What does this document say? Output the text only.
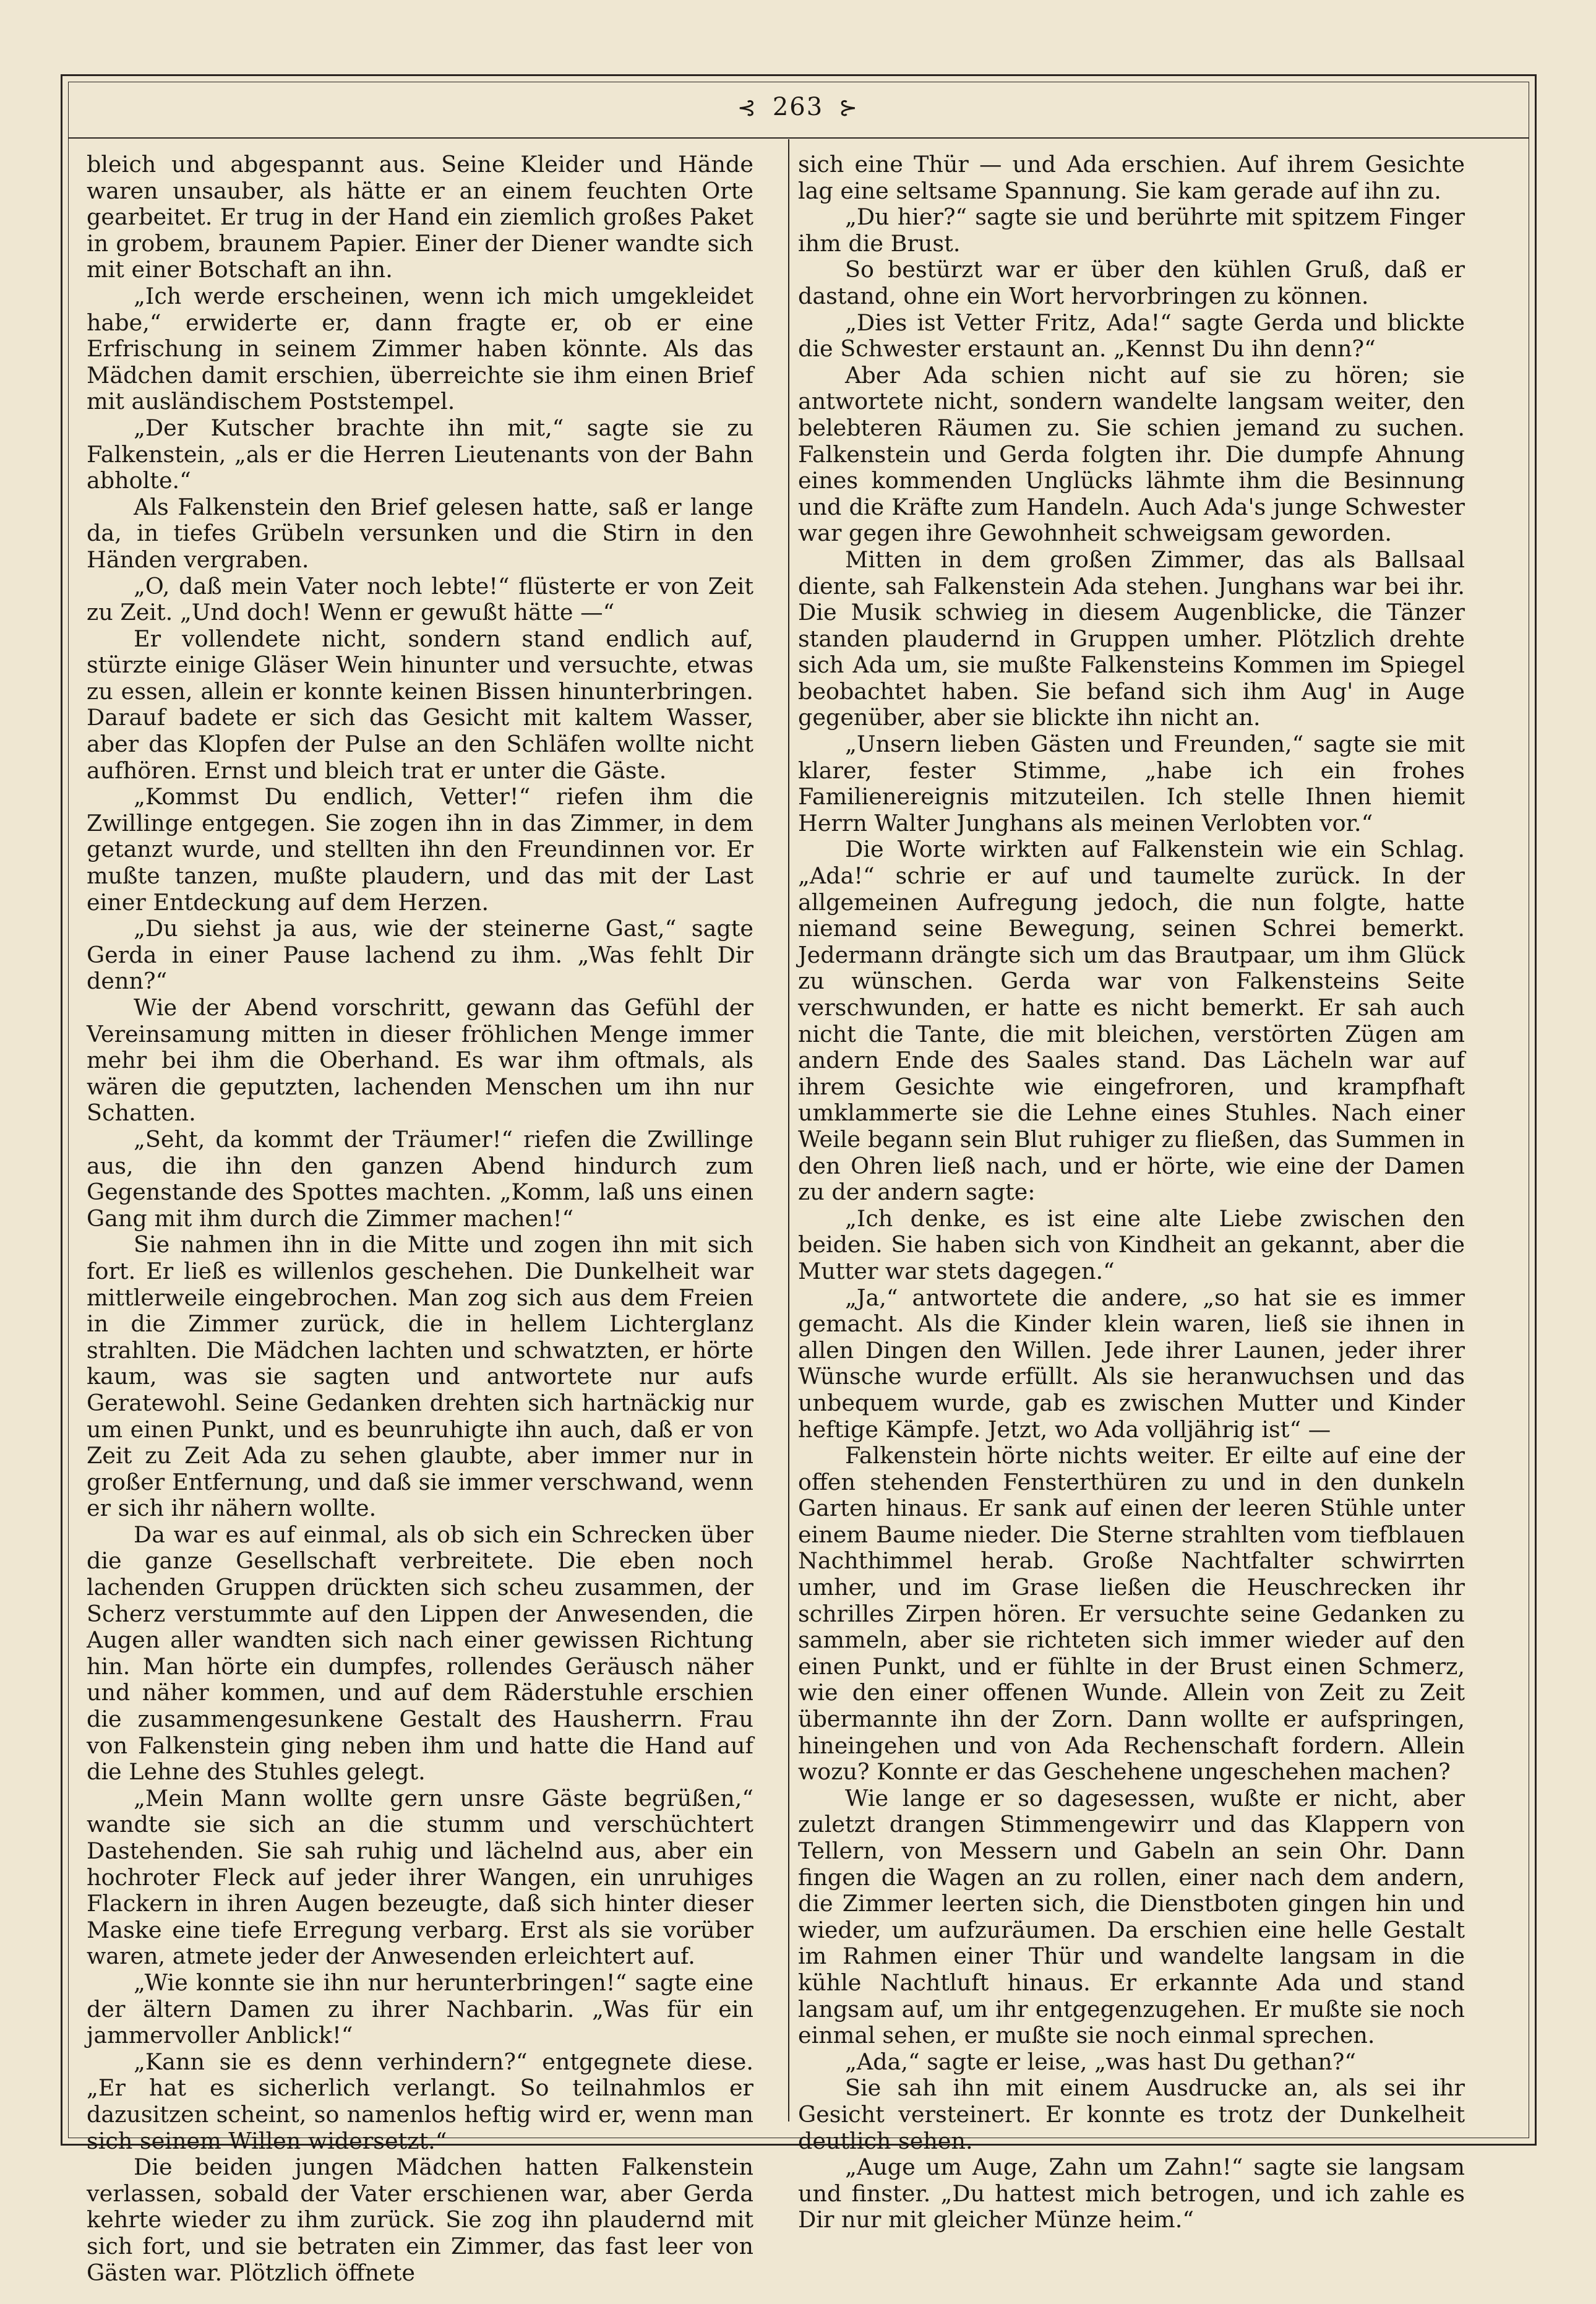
⊰ 263 ⊱

bleich und abgespannt aus. Seine Kleider und Hände waren unsauber, als hätte er an einem feuchten Orte gearbeitet. Er trug in der Hand ein ziemlich großes Paket in grobem, braunem Papier. Einer der Diener wandte sich mit einer Botschaft an ihn.

„Ich werde erscheinen, wenn ich mich umgekleidet habe,“ erwiderte er, dann fragte er, ob er eine Erfrischung in seinem Zimmer haben könnte. Als das Mädchen damit erschien, überreichte sie ihm einen Brief mit ausländischem Poststempel.

„Der Kutscher brachte ihn mit,“ sagte sie zu Falkenstein, „als er die Herren Lieutenants von der Bahn abholte.“

Als Falkenstein den Brief gelesen hatte, saß er lange da, in tiefes Grübeln versunken und die Stirn in den Händen vergraben.

„O, daß mein Vater noch lebte!“ flüsterte er von Zeit zu Zeit. „Und doch! Wenn er gewußt hätte —“

Er vollendete nicht, sondern stand endlich auf, stürzte einige Gläser Wein hinunter und versuchte, etwas zu essen, allein er konnte keinen Bissen hinunterbringen. Darauf badete er sich das Gesicht mit kaltem Wasser, aber das Klopfen der Pulse an den Schläfen wollte nicht aufhören. Ernst und bleich trat er unter die Gäste.

„Kommst Du endlich, Vetter!“ riefen ihm die Zwillinge entgegen. Sie zogen ihn in das Zimmer, in dem getanzt wurde, und stellten ihn den Freundinnen vor. Er mußte tanzen, mußte plaudern, und das mit der Last einer Entdeckung auf dem Herzen.

„Du siehst ja aus, wie der steinerne Gast,“ sagte Gerda in einer Pause lachend zu ihm. „Was fehlt Dir denn?“

Wie der Abend vorschritt, gewann das Gefühl der Vereinsamung mitten in dieser fröhlichen Menge immer mehr bei ihm die Oberhand. Es war ihm oftmals, als wären die geputzten, lachenden Menschen um ihn nur Schatten.

„Seht, da kommt der Träumer!“ riefen die Zwillinge aus, die ihn den ganzen Abend hindurch zum Gegenstande des Spottes machten. „Komm, laß uns einen Gang mit ihm durch die Zimmer machen!“

Sie nahmen ihn in die Mitte und zogen ihn mit sich fort. Er ließ es willenlos geschehen. Die Dunkelheit war mittlerweile eingebrochen. Man zog sich aus dem Freien in die Zimmer zurück, die in hellem Lichterglanz strahlten. Die Mädchen lachten und schwatzten, er hörte kaum, was sie sagten und antwortete nur aufs Geratewohl. Seine Gedanken drehten sich hartnäckig nur um einen Punkt, und es beunruhigte ihn auch, daß er von Zeit zu Zeit Ada zu sehen glaubte, aber immer nur in großer Entfernung, und daß sie immer verschwand, wenn er sich ihr nähern wollte.

Da war es auf einmal, als ob sich ein Schrecken über die ganze Gesellschaft verbreitete. Die eben noch lachenden Gruppen drückten sich scheu zusammen, der Scherz verstummte auf den Lippen der Anwesenden, die Augen aller wandten sich nach einer gewissen Richtung hin. Man hörte ein dumpfes, rollendes Geräusch näher und näher kommen, und auf dem Räderstuhle erschien die zusammengesunkene Gestalt des Hausherrn. Frau von Falkenstein ging neben ihm und hatte die Hand auf die Lehne des Stuhles gelegt.

„Mein Mann wollte gern unsre Gäste begrüßen,“ wandte sie sich an die stumm und verschüchtert Dastehenden. Sie sah ruhig und lächelnd aus, aber ein hochroter Fleck auf jeder ihrer Wangen, ein unruhiges Flackern in ihren Augen bezeugte, daß sich hinter dieser Maske eine tiefe Erregung verbarg. Erst als sie vorüber waren, atmete jeder der Anwesenden erleichtert auf.

„Wie konnte sie ihn nur herunterbringen!“ sagte eine der ältern Damen zu ihrer Nachbarin. „Was für ein jammervoller Anblick!“

„Kann sie es denn verhindern?“ entgegnete diese. „Er hat es sicherlich verlangt. So teilnahmlos er dazusitzen scheint, so namenlos heftig wird er, wenn man sich seinem Willen widersetzt.“

Die beiden jungen Mädchen hatten Falkenstein verlassen, sobald der Vater erschienen war, aber Gerda kehrte wieder zu ihm zurück. Sie zog ihn plaudernd mit sich fort, und sie betraten ein Zimmer, das fast leer von Gästen war. Plötzlich öffnete

sich eine Thür — und Ada erschien. Auf ihrem Gesichte lag eine seltsame Spannung. Sie kam gerade auf ihn zu.

„Du hier?“ sagte sie und berührte mit spitzem Finger ihm die Brust.

So bestürzt war er über den kühlen Gruß, daß er dastand, ohne ein Wort hervorbringen zu können.

„Dies ist Vetter Fritz, Ada!“ sagte Gerda und blickte die Schwester erstaunt an. „Kennst Du ihn denn?“

Aber Ada schien nicht auf sie zu hören; sie antwortete nicht, sondern wandelte langsam weiter, den belebteren Räumen zu. Sie schien jemand zu suchen. Falkenstein und Gerda folgten ihr. Die dumpfe Ahnung eines kommenden Unglücks lähmte ihm die Besinnung und die Kräfte zum Handeln. Auch Ada's junge Schwester war gegen ihre Gewohnheit schweigsam geworden.

Mitten in dem großen Zimmer, das als Ballsaal diente, sah Falkenstein Ada stehen. Junghans war bei ihr. Die Musik schwieg in diesem Augenblicke, die Tänzer standen plaudernd in Gruppen umher. Plötzlich drehte sich Ada um, sie mußte Falkensteins Kommen im Spiegel beobachtet haben. Sie befand sich ihm Aug' in Auge gegenüber, aber sie blickte ihn nicht an.

„Unsern lieben Gästen und Freunden,“ sagte sie mit klarer, fester Stimme, „habe ich ein frohes Familienereignis mitzuteilen. Ich stelle Ihnen hiemit Herrn Walter Junghans als meinen Verlobten vor.“

Die Worte wirkten auf Falkenstein wie ein Schlag. „Ada!“ schrie er auf und taumelte zurück. In der allgemeinen Aufregung jedoch, die nun folgte, hatte niemand seine Bewegung, seinen Schrei bemerkt. Jedermann drängte sich um das Brautpaar, um ihm Glück zu wünschen. Gerda war von Falkensteins Seite verschwunden, er hatte es nicht bemerkt. Er sah auch nicht die Tante, die mit bleichen, verstörten Zügen am andern Ende des Saales stand. Das Lächeln war auf ihrem Gesichte wie eingefroren, und krampfhaft umklammerte sie die Lehne eines Stuhles. Nach einer Weile begann sein Blut ruhiger zu fließen, das Summen in den Ohren ließ nach, und er hörte, wie eine der Damen zu der andern sagte:

„Ich denke, es ist eine alte Liebe zwischen den beiden. Sie haben sich von Kindheit an gekannt, aber die Mutter war stets dagegen.“

„Ja,“ antwortete die andere, „so hat sie es immer gemacht. Als die Kinder klein waren, ließ sie ihnen in allen Dingen den Willen. Jede ihrer Launen, jeder ihrer Wünsche wurde erfüllt. Als sie heranwuchsen und das unbequem wurde, gab es zwischen Mutter und Kinder heftige Kämpfe. Jetzt, wo Ada volljährig ist“ —

Falkenstein hörte nichts weiter. Er eilte auf eine der offen stehenden Fensterthüren zu und in den dunkeln Garten hinaus. Er sank auf einen der leeren Stühle unter einem Baume nieder. Die Sterne strahlten vom tiefblauen Nachthimmel herab. Große Nachtfalter schwirrten umher, und im Grase ließen die Heuschrecken ihr schrilles Zirpen hören. Er versuchte seine Gedanken zu sammeln, aber sie richteten sich immer wieder auf den einen Punkt, und er fühlte in der Brust einen Schmerz, wie den einer offenen Wunde. Allein von Zeit zu Zeit übermannte ihn der Zorn. Dann wollte er aufspringen, hineingehen und von Ada Rechenschaft fordern. Allein wozu? Konnte er das Geschehene ungeschehen machen?

Wie lange er so dagesessen, wußte er nicht, aber zuletzt drangen Stimmengewirr und das Klappern von Tellern, von Messern und Gabeln an sein Ohr. Dann fingen die Wagen an zu rollen, einer nach dem andern, die Zimmer leerten sich, die Dienstboten gingen hin und wieder, um aufzuräumen. Da erschien eine helle Gestalt im Rahmen einer Thür und wandelte langsam in die kühle Nachtluft hinaus. Er erkannte Ada und stand langsam auf, um ihr entgegenzugehen. Er mußte sie noch einmal sehen, er mußte sie noch einmal sprechen.

„Ada,“ sagte er leise, „was hast Du gethan?“

Sie sah ihn mit einem Ausdrucke an, als sei ihr Gesicht versteinert. Er konnte es trotz der Dunkelheit deutlich sehen.

„Auge um Auge, Zahn um Zahn!“ sagte sie langsam und finster. „Du hattest mich betrogen, und ich zahle es Dir nur mit gleicher Münze heim.“
